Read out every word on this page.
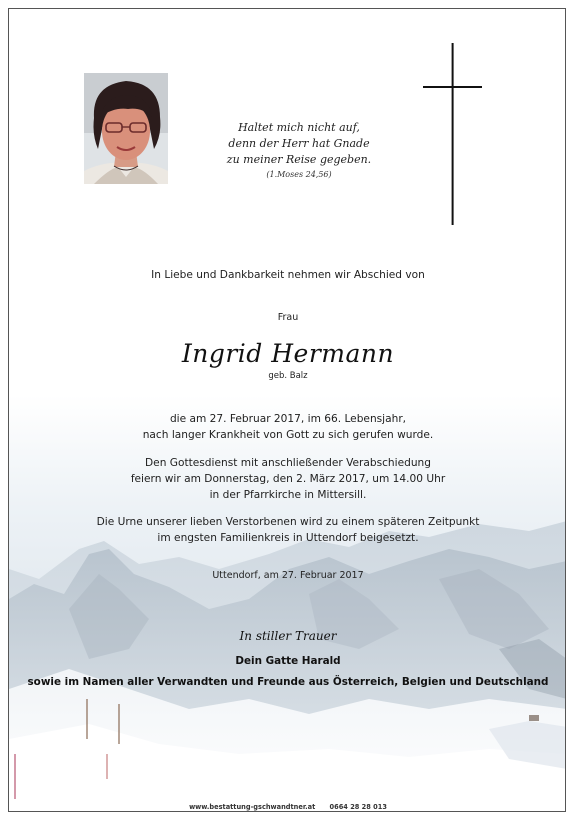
Haltet mich nicht auf,
denn der Herr hat Gnade
zu meiner Reise gegeben.
(1.Moses 24,56)
In Liebe und Dankbarkeit nehmen wir Abschied von
Frau
Ingrid Hermann
geb. Balz
die am 27. Februar 2017, im 66. Lebensjahr,
nach langer Krankheit von Gott zu sich gerufen wurde.
Den Gottesdienst mit anschließender Verabschiedung
feiern wir am Donnerstag, den 2. März 2017, um 14.00 Uhr
in der Pfarrkirche in Mittersill.
Die Urne unserer lieben Verstorbenen wird zu einem späteren Zeitpunkt
im engsten Familienkreis in Uttendorf beigesetzt.
Uttendorf, am 27. Februar 2017
In stiller Trauer
Dein Gatte Harald
sowie im Namen aller Verwandten und Freunde aus Österreich, Belgien und Deutschland
www.bestattung-gschwandtner.at 0664 28 28 013
